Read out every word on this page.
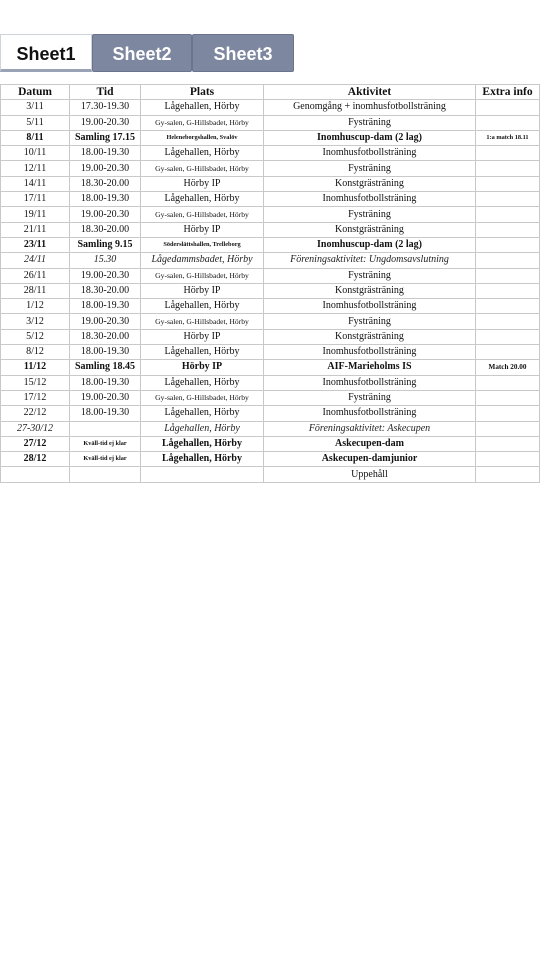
Sheet1	Sheet2	Sheet3
Datum	Tid	Plats	Aktivitet	Extra info
3/11	17.30-19.30	Lågehallen, Hörby	Genomgång + inomhusfotbollsträning	
5/11	19.00-20.30	Gy-salen, G-Hillsbadet, Hörby	Fysträning	
8/11	Samling 17.15	Heleneborgshallen, Svalöv	Inomhuscup-dam (2 lag)	1:a match 18.11
10/11	18.00-19.30	Lågehallen, Hörby	Inomhusfotbollsträning	
12/11	19.00-20.30	Gy-salen, G-Hillsbadet, Hörby	Fysträning	
14/11	18.30-20.00	Hörby IP	Konstgrästräning	
17/11	18.00-19.30	Lågehallen, Hörby	Inomhusfotbollsträning	
19/11	19.00-20.30	Gy-salen, G-Hillsbadet, Hörby	Fysträning	
21/11	18.30-20.00	Hörby IP	Konstgrästräning	
23/11	Samling 9.15	Söderslättshallen, Trelleborg	Inomhuscup-dam (2 lag)	
24/11	15.30	Lågedammsbadet, Hörby	Föreningsaktivitet: Ungdomsavslutning	
26/11	19.00-20.30	Gy-salen, G-Hillsbadet, Hörby	Fysträning	
28/11	18.30-20.00	Hörby IP	Konstgrästräning	
1/12	18.00-19.30	Lågehallen, Hörby	Inomhusfotbollsträning	
3/12	19.00-20.30	Gy-salen, G-Hillsbadet, Hörby	Fysträning	
5/12	18.30-20.00	Hörby IP	Konstgrästräning	
8/12	18.00-19.30	Lågehallen, Hörby	Inomhusfotbollsträning	
11/12	Samling 18.45	Hörby IP	AIF-Marieholms IS	Match 20.00
15/12	18.00-19.30	Lågehallen, Hörby	Inomhusfotbollsträning	
17/12	19.00-20.30	Gy-salen, G-Hillsbadet, Hörby	Fysträning	
22/12	18.00-19.30	Lågehallen, Hörby	Inomhusfotbollsträning	
27-30/12		Lågehallen, Hörby	Föreningsaktivitet: Askecupen	
27/12	Kväll-tid ej klar	Lågehallen, Hörby	Askecupen-dam	
28/12	Kväll-tid ej klar	Lågehallen, Hörby	Askecupen-damjunior	
			Uppehåll	
